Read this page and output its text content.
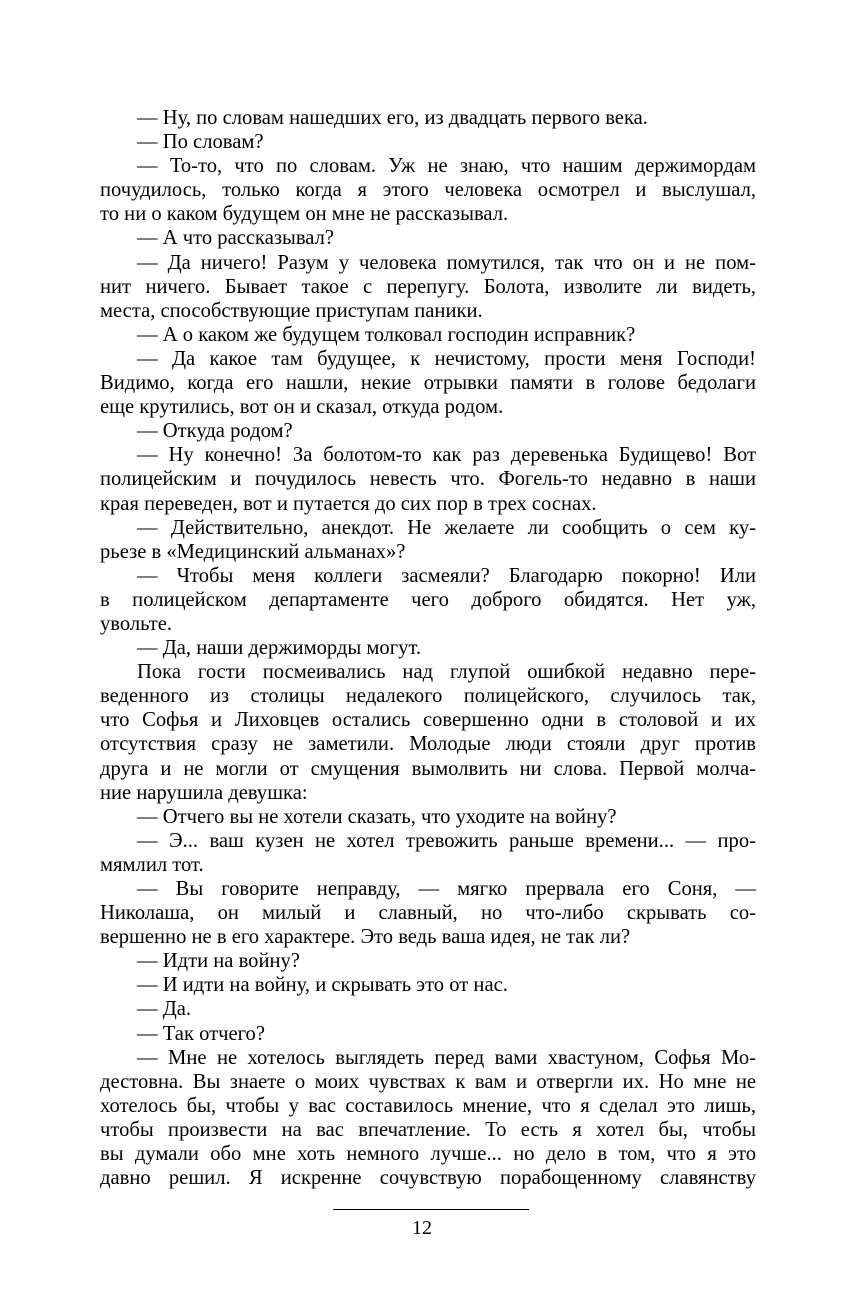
— Ну, по словам нашедших его, из двадцать первого века.
— По словам?
— То-то, что по словам. Уж не знаю, что нашим держимордам
почудилось, только когда я этого человека осмотрел и выслушал,
то ни о каком будущем он мне не рассказывал.
— А что рассказывал?
— Да ничего! Разум у человека помутился, так что он и не пом-
нит ничего. Бывает такое с перепугу. Болота, изволите ли видеть,
места, способствующие приступам паники.
— А о каком же будущем толковал господин исправник?
— Да какое там будущее, к нечистому, прости меня Господи!
Видимо, когда его нашли, некие отрывки памяти в голове бедолаги
еще крутились, вот он и сказал, откуда родом.
— Откуда родом?
— Ну конечно! За болотом-то как раз деревенька Будищево! Вот
полицейским и почудилось невесть что. Фогель-то недавно в наши
края переведен, вот и путается до сих пор в трех соснах.
— Действительно, анекдот. Не желаете ли сообщить о сем ку-
рьезе в «Медицинский альманах»?
— Чтобы меня коллеги засмеяли? Благодарю покорно! Или
в полицейском департаменте чего доброго обидятся. Нет уж,
увольте.
— Да, наши держиморды могут.
Пока гости посмеивались над глупой ошибкой недавно пере-
веденного из столицы недалекого полицейского, случилось так,
что Софья и Лиховцев остались совершенно одни в столовой и их
отсутствия сразу не заметили. Молодые люди стояли друг против
друга и не могли от смущения вымолвить ни слова. Первой молча-
ние нарушила девушка:
— Отчего вы не хотели сказать, что уходите на войну?
— Э... ваш кузен не хотел тревожить раньше времени... — про-
мямлил тот.
— Вы говорите неправду, — мягко прервала его Соня, —
Николаша, он милый и славный, но что-либо скрывать со-
вершенно не в его характере. Это ведь ваша идея, не так ли?
— Идти на войну?
— И идти на войну, и скрывать это от нас.
— Да.
— Так отчего?
— Мне не хотелось выглядеть перед вами хвастуном, Софья Мо-
дестовна. Вы знаете о моих чувствах к вам и отвергли их. Но мне не
хотелось бы, чтобы у вас составилось мнение, что я сделал это лишь,
чтобы произвести на вас впечатление. То есть я хотел бы, чтобы
вы думали обо мне хоть немного лучше... но дело в том, что я это
давно решил. Я искренне сочувствую порабощенному славянству
12
